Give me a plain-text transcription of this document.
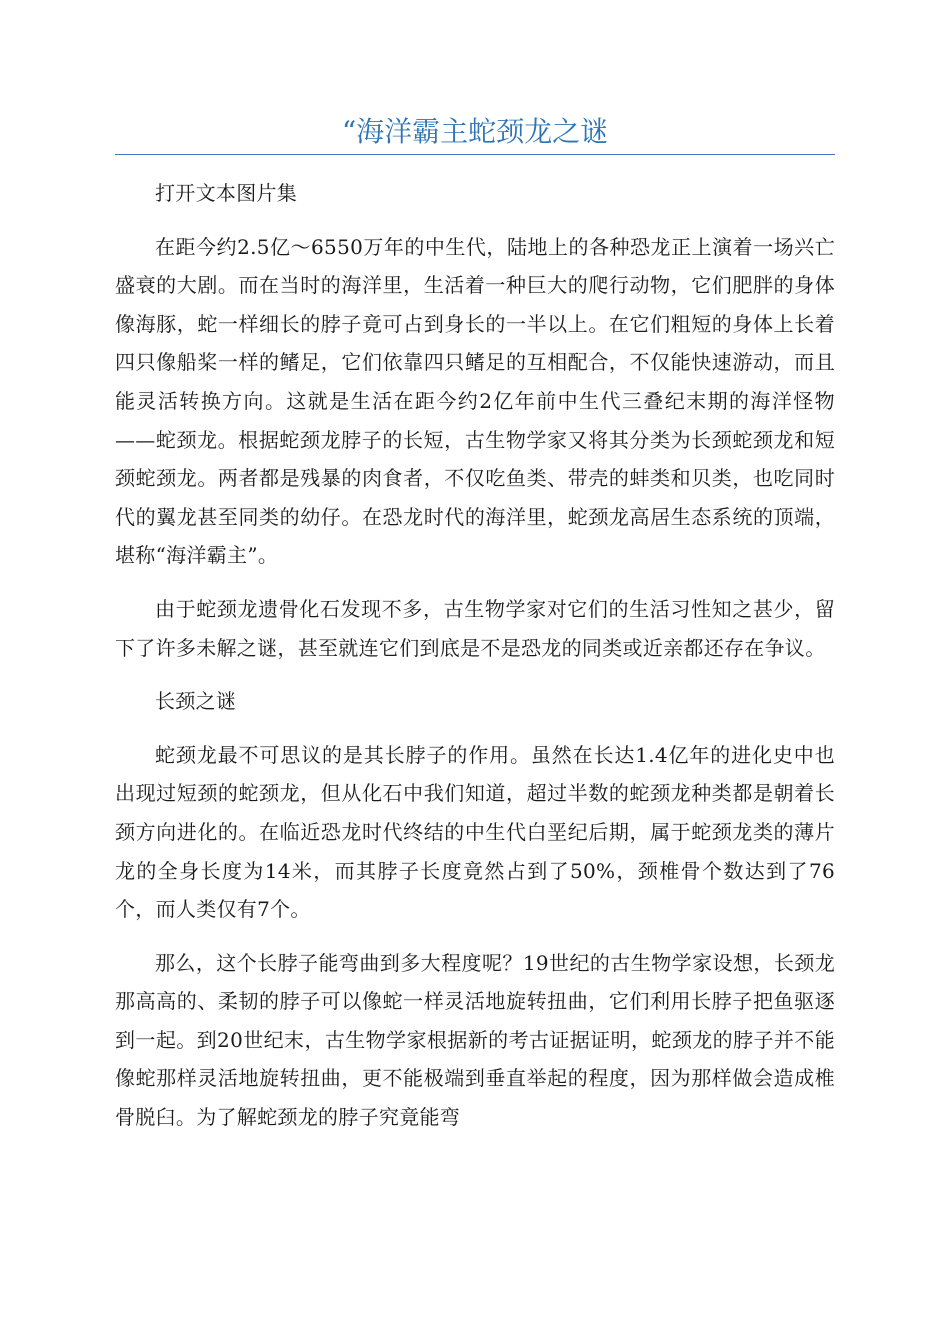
“海洋霸主蛇颈龙之谜

打开文本图片集

在距今约2.5亿～6550万年的中生代，陆地上的各种恐龙正上演着一场兴亡盛衰的大剧。而在当时的海洋里，生活着一种巨大的爬行动物，它们肥胖的身体像海豚，蛇一样细长的脖子竟可占到身长的一半以上。在它们粗短的身体上长着四只像船桨一样的鳍足，它们依靠四只鳍足的互相配合，不仅能快速游动，而且能灵活转换方向。这就是生活在距今约2亿年前中生代三叠纪末期的海洋怪物——蛇颈龙。根据蛇颈龙脖子的长短，古生物学家又将其分类为长颈蛇颈龙和短颈蛇颈龙。两者都是残暴的肉食者，不仅吃鱼类、带壳的蚌类和贝类，也吃同时代的翼龙甚至同类的幼仔。在恐龙时代的海洋里，蛇颈龙高居生态系统的顶端，堪称“海洋霸主”。

由于蛇颈龙遗骨化石发现不多，古生物学家对它们的生活习性知之甚少，留下了许多未解之谜，甚至就连它们到底是不是恐龙的同类或近亲都还存在争议。

长颈之谜

蛇颈龙最不可思议的是其长脖子的作用。虽然在长达1.4亿年的进化史中也出现过短颈的蛇颈龙，但从化石中我们知道，超过半数的蛇颈龙种类都是朝着长颈方向进化的。在临近恐龙时代终结的中生代白垩纪后期，属于蛇颈龙类的薄片龙的全身长度为14米，而其脖子长度竟然占到了50%，颈椎骨个数达到了76个，而人类仅有7个。

那么，这个长脖子能弯曲到多大程度呢？19世纪的古生物学家设想，长颈龙那高高的、柔韧的脖子可以像蛇一样灵活地旋转扭曲，它们利用长脖子把鱼驱逐到一起。到20世纪末，古生物学家根据新的考古证据证明，蛇颈龙的脖子并不能像蛇那样灵活地旋转扭曲，更不能极端到垂直举起的程度，因为那样做会造成椎骨脱臼。为了解蛇颈龙的脖子究竟能弯
